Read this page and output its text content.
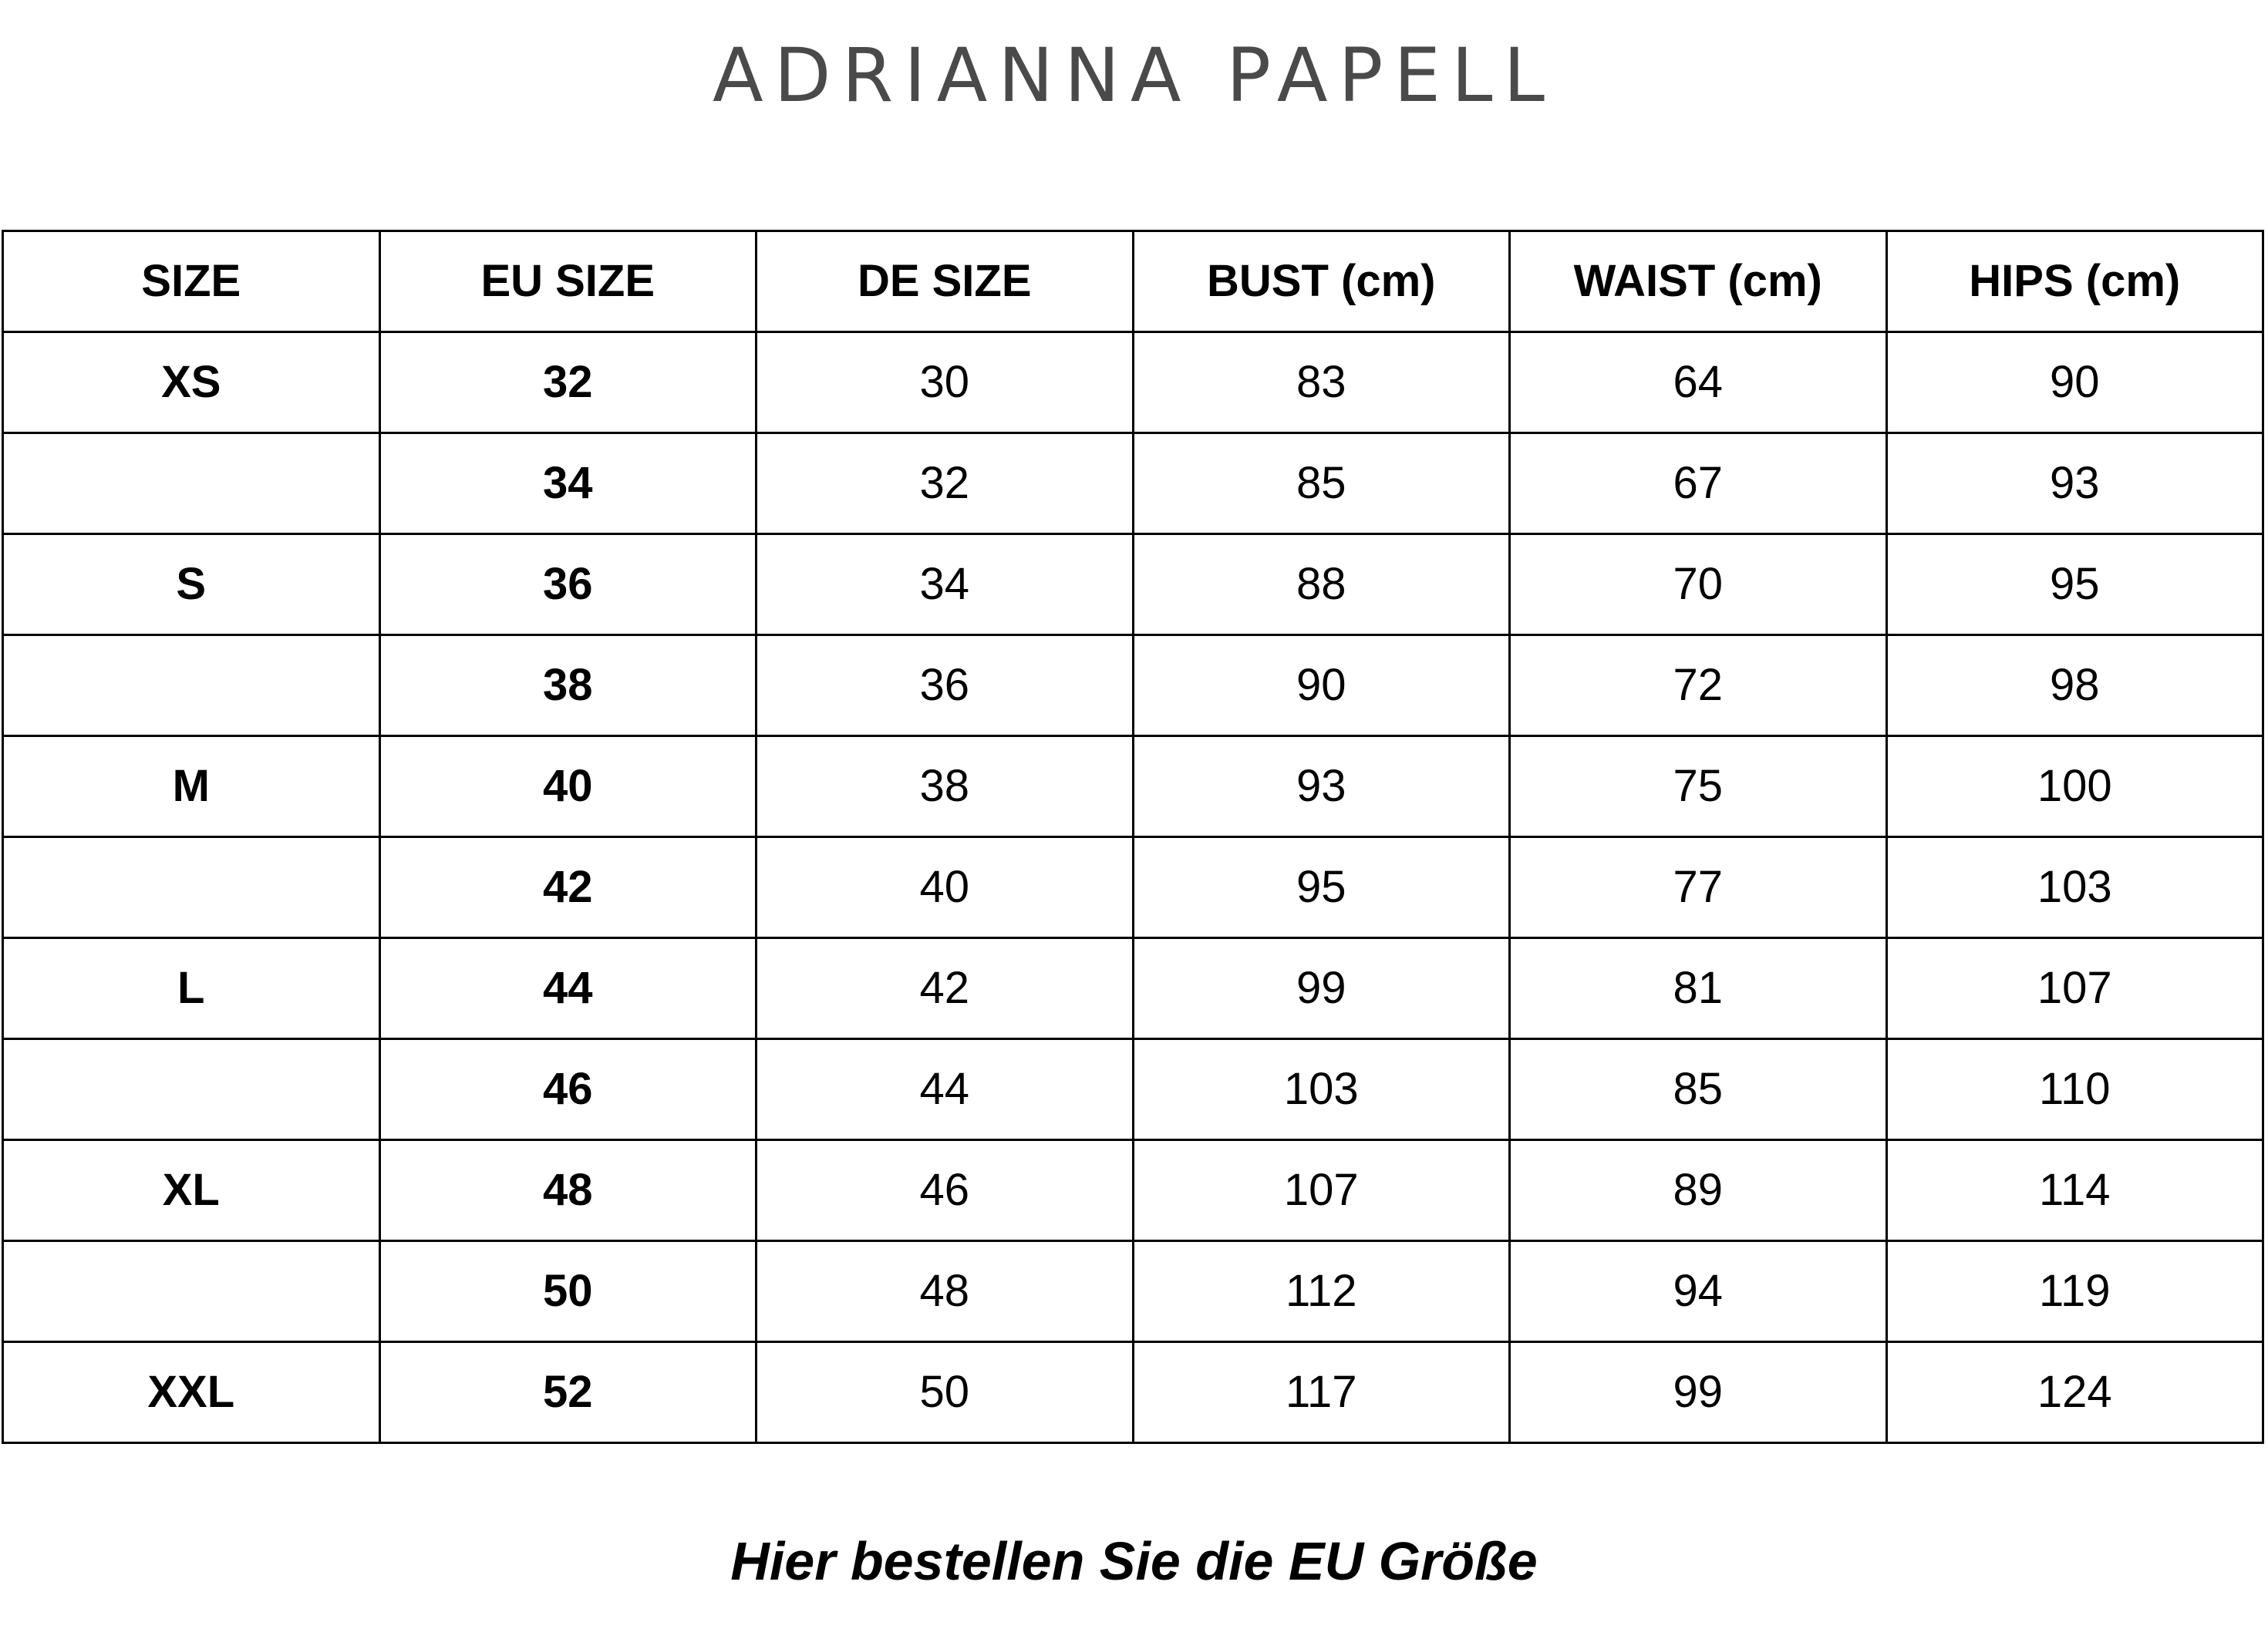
ADRIANNA PAPELL
SIZE	EU SIZE	DE SIZE	BUST (cm)	WAIST (cm)	HIPS (cm)
XS	32	30	83	64	90
	34	32	85	67	93
S	36	34	88	70	95
	38	36	90	72	98
M	40	38	93	75	100
	42	40	95	77	103
L	44	42	99	81	107
	46	44	103	85	110
XL	48	46	107	89	114
	50	48	112	94	119
XXL	52	50	117	99	124
Hier bestellen Sie die EU Größe
